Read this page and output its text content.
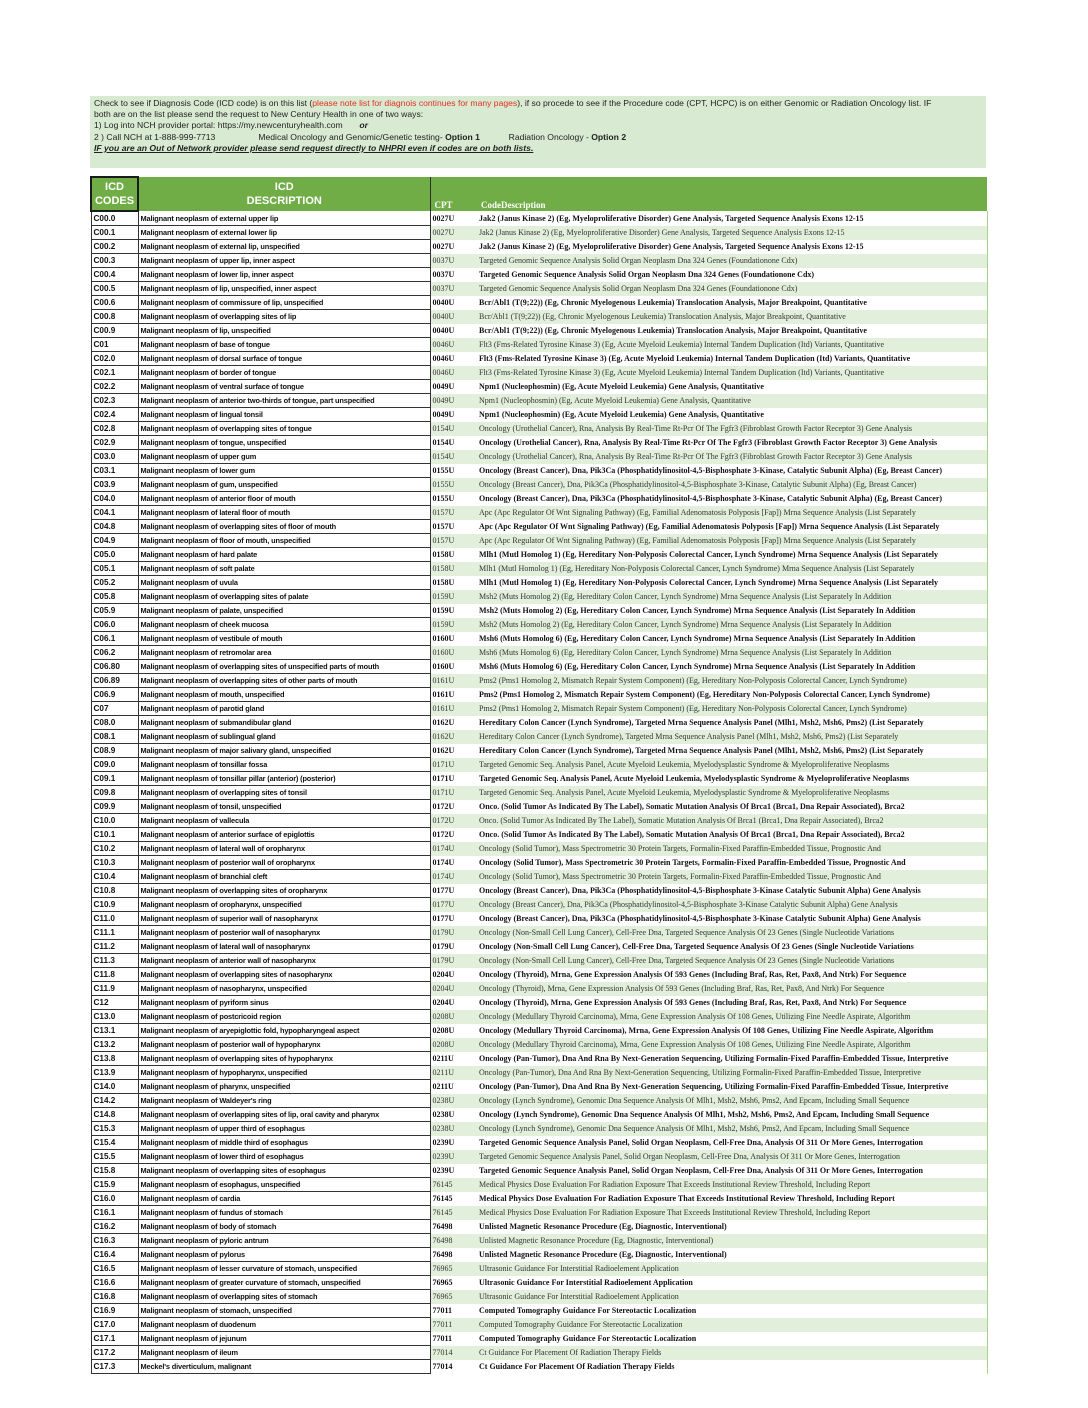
Check to see if Diagnosis Code (ICD code) is on this list (please note list for diagnois continues for many pages), if so procede to see if the Procedure code (CPT, HCPC) is on either Genomic or Radiation Oncology list. IF
both are on the list please send the request to New Century Health in one of two ways:
1) Log into NCH provider portal: https://my.newcenturyhealth.com or
2 ) Call NCH at 1-888-999-7713	Medical Oncology and Genomic/Genetic testing- Option 1	Radiation Oncology - Option 2
IF you are an Out of Network provider please send request directly to NHPRI even if codes are on both lists.
ICD
CODES	ICD
DESCRIPTION	CPT	CodeDescription
C00.0	Malignant neoplasm of external upper lip	0027U	Jak2 (Janus Kinase 2) (Eg, Myeloproliferative Disorder) Gene Analysis, Targeted Sequence Analysis Exons 12-15
C00.1	Malignant neoplasm of external lower lip	0027U	Jak2 (Janus Kinase 2) (Eg, Myeloproliferative Disorder) Gene Analysis, Targeted Sequence Analysis Exons 12-15
C00.2	Malignant neoplasm of external lip, unspecified	0027U	Jak2 (Janus Kinase 2) (Eg, Myeloproliferative Disorder) Gene Analysis, Targeted Sequence Analysis Exons 12-15
C00.3	Malignant neoplasm of upper lip, inner aspect	0037U	Targeted Genomic Sequence Analysis Solid Organ Neoplasm Dna 324 Genes (Foundationone Cdx)
C00.4	Malignant neoplasm of lower lip, inner aspect	0037U	Targeted Genomic Sequence Analysis Solid Organ Neoplasm Dna 324 Genes (Foundationone Cdx)
C00.5	Malignant neoplasm of lip, unspecified, inner aspect	0037U	Targeted Genomic Sequence Analysis Solid Organ Neoplasm Dna 324 Genes (Foundationone Cdx)
C00.6	Malignant neoplasm of commissure of lip, unspecified	0040U	Bcr/Abl1 (T(9;22)) (Eg, Chronic Myelogenous Leukemia) Translocation Analysis, Major Breakpoint, Quantitative
C00.8	Malignant neoplasm of overlapping sites of lip	0040U	Bcr/Abl1 (T(9;22)) (Eg, Chronic Myelogenous Leukemia) Translocation Analysis, Major Breakpoint, Quantitative
C00.9	Malignant neoplasm of lip, unspecified	0040U	Bcr/Abl1 (T(9;22)) (Eg, Chronic Myelogenous Leukemia) Translocation Analysis, Major Breakpoint, Quantitative
C01	Malignant neoplasm of base of tongue	0046U	Flt3 (Fms-Related Tyrosine Kinase 3) (Eg, Acute Myeloid Leukemia) Internal Tandem Duplication (Itd) Variants, Quantitative
C02.0	Malignant neoplasm of dorsal surface of tongue	0046U	Flt3 (Fms-Related Tyrosine Kinase 3) (Eg, Acute Myeloid Leukemia) Internal Tandem Duplication (Itd) Variants, Quantitative
C02.1	Malignant neoplasm of border of tongue	0046U	Flt3 (Fms-Related Tyrosine Kinase 3) (Eg, Acute Myeloid Leukemia) Internal Tandem Duplication (Itd) Variants, Quantitative
C02.2	Malignant neoplasm of ventral surface of tongue	0049U	Npm1 (Nucleophosmin) (Eg, Acute Myeloid Leukemia) Gene Analysis, Quantitative
C02.3	Malignant neoplasm of anterior two-thirds of tongue, part unspecified	0049U	Npm1 (Nucleophosmin) (Eg, Acute Myeloid Leukemia) Gene Analysis, Quantitative
C02.4	Malignant neoplasm of lingual tonsil	0049U	Npm1 (Nucleophosmin) (Eg, Acute Myeloid Leukemia) Gene Analysis, Quantitative
C02.8	Malignant neoplasm of overlapping sites of tongue	0154U	Oncology (Urothelial Cancer), Rna, Analysis By Real-Time Rt-Pcr Of The Fgfr3 (Fibroblast Growth Factor Receptor 3) Gene Analysis
C02.9	Malignant neoplasm of tongue, unspecified	0154U	Oncology (Urothelial Cancer), Rna, Analysis By Real-Time Rt-Pcr Of The Fgfr3 (Fibroblast Growth Factor Receptor 3) Gene Analysis
C03.0	Malignant neoplasm of upper gum	0154U	Oncology (Urothelial Cancer), Rna, Analysis By Real-Time Rt-Pcr Of The Fgfr3 (Fibroblast Growth Factor Receptor 3) Gene Analysis
C03.1	Malignant neoplasm of lower gum	0155U	Oncology (Breast Cancer), Dna, Pik3Ca (Phosphatidylinositol-4,5-Bisphosphate 3-Kinase, Catalytic Subunit Alpha) (Eg, Breast Cancer)
C03.9	Malignant neoplasm of gum, unspecified	0155U	Oncology (Breast Cancer), Dna, Pik3Ca (Phosphatidylinositol-4,5-Bisphosphate 3-Kinase, Catalytic Subunit Alpha) (Eg, Breast Cancer)
C04.0	Malignant neoplasm of anterior floor of mouth	0155U	Oncology (Breast Cancer), Dna, Pik3Ca (Phosphatidylinositol-4,5-Bisphosphate 3-Kinase, Catalytic Subunit Alpha) (Eg, Breast Cancer)
C04.1	Malignant neoplasm of lateral floor of mouth	0157U	Apc (Apc Regulator Of Wnt Signaling Pathway) (Eg, Familial Adenomatosis Polyposis [Fap]) Mrna Sequence Analysis (List Separately
C04.8	Malignant neoplasm of overlapping sites of floor of mouth	0157U	Apc (Apc Regulator Of Wnt Signaling Pathway) (Eg, Familial Adenomatosis Polyposis [Fap]) Mrna Sequence Analysis (List Separately
C04.9	Malignant neoplasm of floor of mouth, unspecified	0157U	Apc (Apc Regulator Of Wnt Signaling Pathway) (Eg, Familial Adenomatosis Polyposis [Fap]) Mrna Sequence Analysis (List Separately
C05.0	Malignant neoplasm of hard palate	0158U	Mlh1 (Mutl Homolog 1) (Eg, Hereditary Non-Polyposis Colorectal Cancer, Lynch Syndrome) Mrna Sequence Analysis (List Separately
C05.1	Malignant neoplasm of soft palate	0158U	Mlh1 (Mutl Homolog 1) (Eg, Hereditary Non-Polyposis Colorectal Cancer, Lynch Syndrome) Mrna Sequence Analysis (List Separately
C05.2	Malignant neoplasm of uvula	0158U	Mlh1 (Mutl Homolog 1) (Eg, Hereditary Non-Polyposis Colorectal Cancer, Lynch Syndrome) Mrna Sequence Analysis (List Separately
C05.8	Malignant neoplasm of overlapping sites of palate	0159U	Msh2 (Muts Homolog 2) (Eg, Hereditary Colon Cancer, Lynch Syndrome) Mrna Sequence Analysis (List Separately In Addition
C05.9	Malignant neoplasm of palate, unspecified	0159U	Msh2 (Muts Homolog 2) (Eg, Hereditary Colon Cancer, Lynch Syndrome) Mrna Sequence Analysis (List Separately In Addition
C06.0	Malignant neoplasm of cheek mucosa	0159U	Msh2 (Muts Homolog 2) (Eg, Hereditary Colon Cancer, Lynch Syndrome) Mrna Sequence Analysis (List Separately In Addition
C06.1	Malignant neoplasm of vestibule of mouth	0160U	Msh6 (Muts Homolog 6) (Eg, Hereditary Colon Cancer, Lynch Syndrome) Mrna Sequence Analysis (List Separately In Addition
C06.2	Malignant neoplasm of retromolar area	0160U	Msh6 (Muts Homolog 6) (Eg, Hereditary Colon Cancer, Lynch Syndrome) Mrna Sequence Analysis (List Separately In Addition
C06.80	Malignant neoplasm of overlapping sites of unspecified parts of mouth	0160U	Msh6 (Muts Homolog 6) (Eg, Hereditary Colon Cancer, Lynch Syndrome) Mrna Sequence Analysis (List Separately In Addition
C06.89	Malignant neoplasm of overlapping sites of other parts of mouth	0161U	Pms2 (Pms1 Homolog 2, Mismatch Repair System Component) (Eg, Hereditary Non-Polyposis Colorectal Cancer, Lynch Syndrome)
C06.9	Malignant neoplasm of mouth, unspecified	0161U	Pms2 (Pms1 Homolog 2, Mismatch Repair System Component) (Eg, Hereditary Non-Polyposis Colorectal Cancer, Lynch Syndrome)
C07	Malignant neoplasm of parotid gland	0161U	Pms2 (Pms1 Homolog 2, Mismatch Repair System Component) (Eg, Hereditary Non-Polyposis Colorectal Cancer, Lynch Syndrome)
C08.0	Malignant neoplasm of submandibular gland	0162U	Hereditary Colon Cancer (Lynch Syndrome), Targeted Mrna Sequence Analysis Panel (Mlh1, Msh2, Msh6, Pms2) (List Separately
C08.1	Malignant neoplasm of sublingual gland	0162U	Hereditary Colon Cancer (Lynch Syndrome), Targeted Mrna Sequence Analysis Panel (Mlh1, Msh2, Msh6, Pms2) (List Separately
C08.9	Malignant neoplasm of major salivary gland, unspecified	0162U	Hereditary Colon Cancer (Lynch Syndrome), Targeted Mrna Sequence Analysis Panel (Mlh1, Msh2, Msh6, Pms2) (List Separately
C09.0	Malignant neoplasm of tonsillar fossa	0171U	Targeted Genomic Seq. Analysis Panel, Acute Myeloid Leukemia, Myelodysplastic Syndrome & Myeloproliferative Neoplasms
C09.1	Malignant neoplasm of tonsillar pillar (anterior) (posterior)	0171U	Targeted Genomic Seq. Analysis Panel, Acute Myeloid Leukemia, Myelodysplastic Syndrome & Myeloproliferative Neoplasms
C09.8	Malignant neoplasm of overlapping sites of tonsil	0171U	Targeted Genomic Seq. Analysis Panel, Acute Myeloid Leukemia, Myelodysplastic Syndrome & Myeloproliferative Neoplasms
C09.9	Malignant neoplasm of tonsil, unspecified	0172U	Onco. (Solid Tumor As Indicated By The Label), Somatic Mutation Analysis Of Brca1 (Brca1, Dna Repair Associated), Brca2
C10.0	Malignant neoplasm of vallecula	0172U	Onco. (Solid Tumor As Indicated By The Label), Somatic Mutation Analysis Of Brca1 (Brca1, Dna Repair Associated), Brca2
C10.1	Malignant neoplasm of anterior surface of epiglottis	0172U	Onco. (Solid Tumor As Indicated By The Label), Somatic Mutation Analysis Of Brca1 (Brca1, Dna Repair Associated), Brca2
C10.2	Malignant neoplasm of lateral wall of oropharynx	0174U	Oncology (Solid Tumor), Mass Spectrometric 30 Protein Targets, Formalin-Fixed Paraffin-Embedded Tissue, Prognostic And
C10.3	Malignant neoplasm of posterior wall of oropharynx	0174U	Oncology (Solid Tumor), Mass Spectrometric 30 Protein Targets, Formalin-Fixed Paraffin-Embedded Tissue, Prognostic And
C10.4	Malignant neoplasm of branchial cleft	0174U	Oncology (Solid Tumor), Mass Spectrometric 30 Protein Targets, Formalin-Fixed Paraffin-Embedded Tissue, Prognostic And
C10.8	Malignant neoplasm of overlapping sites of oropharynx	0177U	Oncology (Breast Cancer), Dna, Pik3Ca (Phosphatidylinositol-4,5-Bisphosphate 3-Kinase Catalytic Subunit Alpha) Gene Analysis
C10.9	Malignant neoplasm of oropharynx, unspecified	0177U	Oncology (Breast Cancer), Dna, Pik3Ca (Phosphatidylinositol-4,5-Bisphosphate 3-Kinase Catalytic Subunit Alpha) Gene Analysis
C11.0	Malignant neoplasm of superior wall of nasopharynx	0177U	Oncology (Breast Cancer), Dna, Pik3Ca (Phosphatidylinositol-4,5-Bisphosphate 3-Kinase Catalytic Subunit Alpha) Gene Analysis
C11.1	Malignant neoplasm of posterior wall of nasopharynx	0179U	Oncology (Non-Small Cell Lung Cancer), Cell-Free Dna, Targeted Sequence Analysis Of 23 Genes (Single Nucleotide Variations
C11.2	Malignant neoplasm of lateral wall of nasopharynx	0179U	Oncology (Non-Small Cell Lung Cancer), Cell-Free Dna, Targeted Sequence Analysis Of 23 Genes (Single Nucleotide Variations
C11.3	Malignant neoplasm of anterior wall of nasopharynx	0179U	Oncology (Non-Small Cell Lung Cancer), Cell-Free Dna, Targeted Sequence Analysis Of 23 Genes (Single Nucleotide Variations
C11.8	Malignant neoplasm of overlapping sites of nasopharynx	0204U	Oncology (Thyroid), Mrna, Gene Expression Analysis Of 593 Genes (Including Braf, Ras, Ret, Pax8, And Ntrk) For Sequence
C11.9	Malignant neoplasm of nasopharynx, unspecified	0204U	Oncology (Thyroid), Mrna, Gene Expression Analysis Of 593 Genes (Including Braf, Ras, Ret, Pax8, And Ntrk) For Sequence
C12	Malignant neoplasm of pyriform sinus	0204U	Oncology (Thyroid), Mrna, Gene Expression Analysis Of 593 Genes (Including Braf, Ras, Ret, Pax8, And Ntrk) For Sequence
C13.0	Malignant neoplasm of postcricoid region	0208U	Oncology (Medullary Thyroid Carcinoma), Mrna, Gene Expression Analysis Of 108 Genes, Utilizing Fine Needle Aspirate, Algorithm
C13.1	Malignant neoplasm of aryepiglottic fold, hypopharyngeal aspect	0208U	Oncology (Medullary Thyroid Carcinoma), Mrna, Gene Expression Analysis Of 108 Genes, Utilizing Fine Needle Aspirate, Algorithm
C13.2	Malignant neoplasm of posterior wall of hypopharynx	0208U	Oncology (Medullary Thyroid Carcinoma), Mrna, Gene Expression Analysis Of 108 Genes, Utilizing Fine Needle Aspirate, Algorithm
C13.8	Malignant neoplasm of overlapping sites of hypopharynx	0211U	Oncology (Pan-Tumor), Dna And Rna By Next-Generation Sequencing, Utilizing Formalin-Fixed Paraffin-Embedded Tissue, Interpretive
C13.9	Malignant neoplasm of hypopharynx, unspecified	0211U	Oncology (Pan-Tumor), Dna And Rna By Next-Generation Sequencing, Utilizing Formalin-Fixed Paraffin-Embedded Tissue, Interpretive
C14.0	Malignant neoplasm of pharynx, unspecified	0211U	Oncology (Pan-Tumor), Dna And Rna By Next-Generation Sequencing, Utilizing Formalin-Fixed Paraffin-Embedded Tissue, Interpretive
C14.2	Malignant neoplasm of Waldeyer's ring	0238U	Oncology (Lynch Syndrome), Genomic Dna Sequence Analysis Of Mlh1, Msh2, Msh6, Pms2, And Epcam, Including Small Sequence
C14.8	Malignant neoplasm of overlapping sites of lip, oral cavity and pharynx	0238U	Oncology (Lynch Syndrome), Genomic Dna Sequence Analysis Of Mlh1, Msh2, Msh6, Pms2, And Epcam, Including Small Sequence
C15.3	Malignant neoplasm of upper third of esophagus	0238U	Oncology (Lynch Syndrome), Genomic Dna Sequence Analysis Of Mlh1, Msh2, Msh6, Pms2, And Epcam, Including Small Sequence
C15.4	Malignant neoplasm of middle third of esophagus	0239U	Targeted Genomic Sequence Analysis Panel, Solid Organ Neoplasm, Cell-Free Dna, Analysis Of 311 Or More Genes, Interrogation
C15.5	Malignant neoplasm of lower third of esophagus	0239U	Targeted Genomic Sequence Analysis Panel, Solid Organ Neoplasm, Cell-Free Dna, Analysis Of 311 Or More Genes, Interrogation
C15.8	Malignant neoplasm of overlapping sites of esophagus	0239U	Targeted Genomic Sequence Analysis Panel, Solid Organ Neoplasm, Cell-Free Dna, Analysis Of 311 Or More Genes, Interrogation
C15.9	Malignant neoplasm of esophagus, unspecified	76145	Medical Physics Dose Evaluation For Radiation Exposure That Exceeds Institutional Review Threshold, Including Report
C16.0	Malignant neoplasm of cardia	76145	Medical Physics Dose Evaluation For Radiation Exposure That Exceeds Institutional Review Threshold, Including Report
C16.1	Malignant neoplasm of fundus of stomach	76145	Medical Physics Dose Evaluation For Radiation Exposure That Exceeds Institutional Review Threshold, Including Report
C16.2	Malignant neoplasm of body of stomach	76498	Unlisted Magnetic Resonance Procedure (Eg, Diagnostic, Interventional)
C16.3	Malignant neoplasm of pyloric antrum	76498	Unlisted Magnetic Resonance Procedure (Eg, Diagnostic, Interventional)
C16.4	Malignant neoplasm of pylorus	76498	Unlisted Magnetic Resonance Procedure (Eg, Diagnostic, Interventional)
C16.5	Malignant neoplasm of lesser curvature of stomach, unspecified	76965	Ultrasonic Guidance For Interstitial Radioelement Application
C16.6	Malignant neoplasm of greater curvature of stomach, unspecified	76965	Ultrasonic Guidance For Interstitial Radioelement Application
C16.8	Malignant neoplasm of overlapping sites of stomach	76965	Ultrasonic Guidance For Interstitial Radioelement Application
C16.9	Malignant neoplasm of stomach, unspecified	77011	Computed Tomography Guidance For Stereotactic Localization
C17.0	Malignant neoplasm of duodenum	77011	Computed Tomography Guidance For Stereotactic Localization
C17.1	Malignant neoplasm of jejunum	77011	Computed Tomography Guidance For Stereotactic Localization
C17.2	Malignant neoplasm of ileum	77014	Ct Guidance For Placement Of Radiation Therapy Fields
C17.3	Meckel's diverticulum, malignant	77014	Ct Guidance For Placement Of Radiation Therapy Fields
